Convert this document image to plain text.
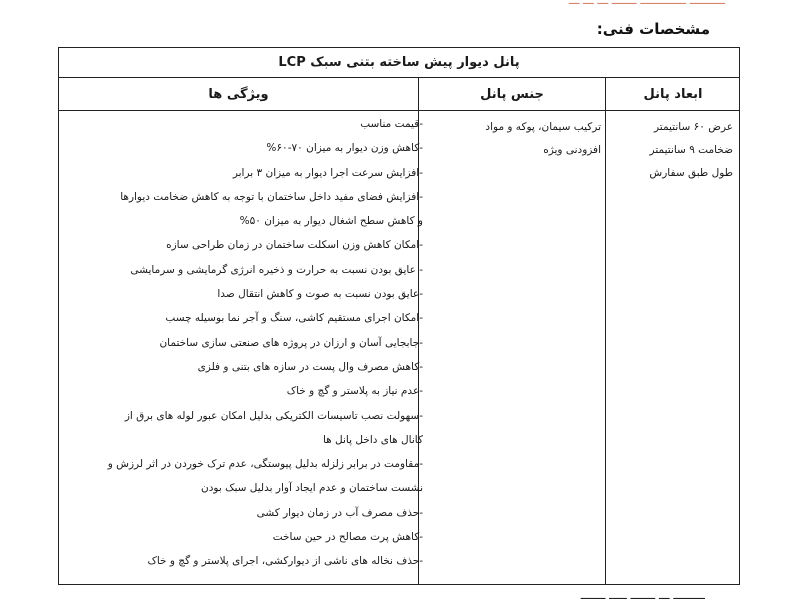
مشخصات فنی:
پانل دیوار پیش ساخته بتنی سبک LCP
ابعاد پانل
جنس پانل
ویژگی ها
عرض ۶۰ سانتیمتر
ضخامت ۹ سانتیمتر
طول طبق سفارش
ترکیب سیمان، پوکه و مواد
افزودنی ویژه
-قیمت مناسب
-کاهش وزن دیوار به میزان ۷۰-۶۰%
-افزایش سرعت اجرا دیوار به میزان ۳ برابر
-افزایش فضای مفید داخل ساختمان با توجه به کاهش ضخامت دیوارها
و کاهش سطح اشغال دیوار به میزان ۵۰%
-امکان کاهش وزن اسکلت ساختمان در زمان طراحی سازه
- عایق بودن نسبت به حرارت و ذخیره انرژی گرمایشی و سرمایشی
-عایق بودن نسبت به صوت و کاهش انتقال صدا
-امکان اجرای مستقیم کاشی، سنگ و آجر نما بوسیله چسب
-جابجایی آسان و ارزان در پروژه های صنعتی سازی ساختمان
-کاهش مصرف وال پست در سازه های بتنی و فلزی
-عدم نیاز به پلاستر و گچ و خاک
-سهولت نصب تاسیسات الکتریکی بدلیل امکان عبور لوله های برق از
کانال های داخل پانل ها
-مقاومت در برابر زلزله بدلیل پیوستگی، عدم ترک خوردن در اثر لرزش و
نشست ساختمان و عدم ایجاد آوار بدلیل سبک بودن
-حذف مصرف آب در زمان دیوار کشی
-کاهش پرت مصالح در حین ساخت
-حذف نخاله های ناشی از دیوارکشی، اجرای پلاستر و گچ و خاک
ـــــــــ ـــ ـــــــ ـــــ ـــــــ
